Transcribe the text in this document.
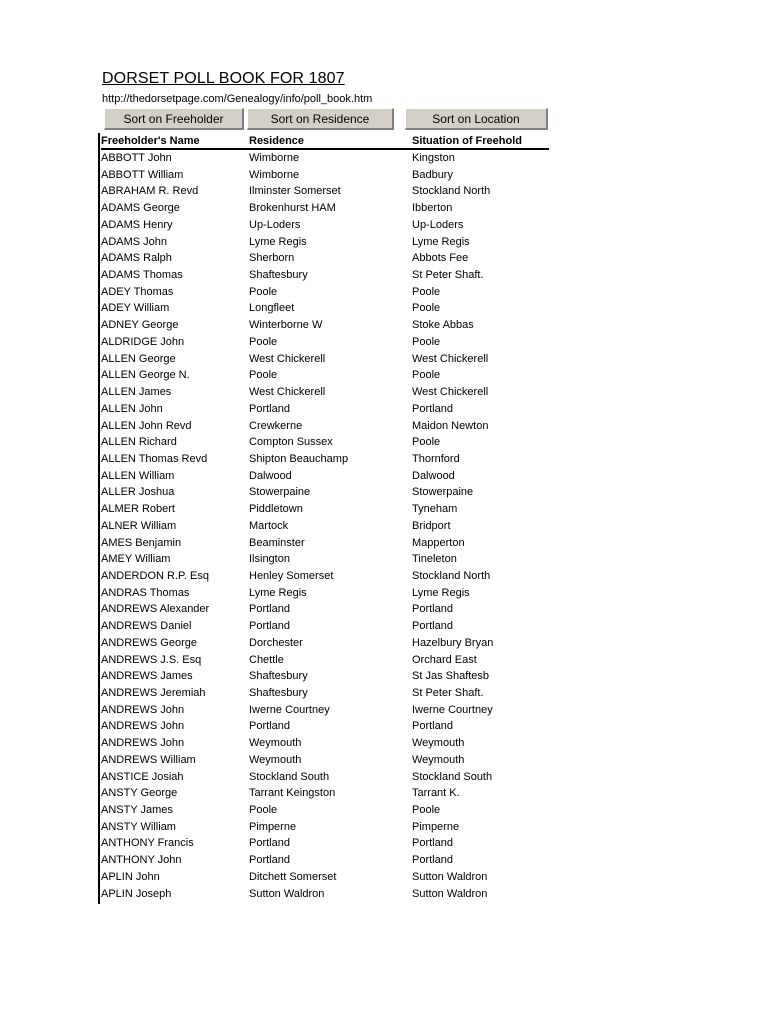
DORSET POLL BOOK FOR 1807
http://thedorsetpage.com/Genealogy/info/poll_book.htm
Sort on Freeholder	Sort on Residence	Sort on Location
Freeholder's Name	Residence	Situation of Freehold
ABBOTT John	Wimborne	Kingston
ABBOTT William	Wimborne	Badbury
ABRAHAM R. Revd	Ilminster Somerset	Stockland North
ADAMS George	Brokenhurst HAM	Ibberton
ADAMS Henry	Up-Loders	Up-Loders
ADAMS John	Lyme Regis	Lyme Regis
ADAMS Ralph	Sherborn	Abbots Fee
ADAMS Thomas	Shaftesbury	St Peter Shaft.
ADEY Thomas	Poole	Poole
ADEY William	Longfleet	Poole
ADNEY George	Winterborne W	Stoke Abbas
ALDRIDGE John	Poole	Poole
ALLEN George	West Chickerell	West Chickerell
ALLEN George N.	Poole	Poole
ALLEN James	West Chickerell	West Chickerell
ALLEN John	Portland	Portland
ALLEN John Revd	Crewkerne	Maidon Newton
ALLEN Richard	Compton Sussex	Poole
ALLEN Thomas Revd	Shipton Beauchamp	Thornford
ALLEN William	Dalwood	Dalwood
ALLER Joshua	Stowerpaine	Stowerpaine
ALMER Robert	Piddletown	Tyneham
ALNER William	Martock	Bridport
AMES Benjamin	Beaminster	Mapperton
AMEY William	Ilsington	Tineleton
ANDERDON R.P. Esq	Henley Somerset	Stockland North
ANDRAS Thomas	Lyme Regis	Lyme Regis
ANDREWS Alexander	Portland	Portland
ANDREWS Daniel	Portland	Portland
ANDREWS George	Dorchester	Hazelbury Bryan
ANDREWS J.S. Esq	Chettle	Orchard East
ANDREWS James	Shaftesbury	St Jas Shaftesb
ANDREWS Jeremiah	Shaftesbury	St Peter Shaft.
ANDREWS John	Iwerne Courtney	Iwerne Courtney
ANDREWS John	Portland	Portland
ANDREWS John	Weymouth	Weymouth
ANDREWS William	Weymouth	Weymouth
ANSTICE Josiah	Stockland South	Stockland South
ANSTY George	Tarrant Keingston	Tarrant K.
ANSTY James	Poole	Poole
ANSTY William	Pimperne	Pimperne
ANTHONY Francis	Portland	Portland
ANTHONY John	Portland	Portland
APLIN John	Ditchett Somerset	Sutton Waldron
APLIN Joseph	Sutton Waldron	Sutton Waldron
